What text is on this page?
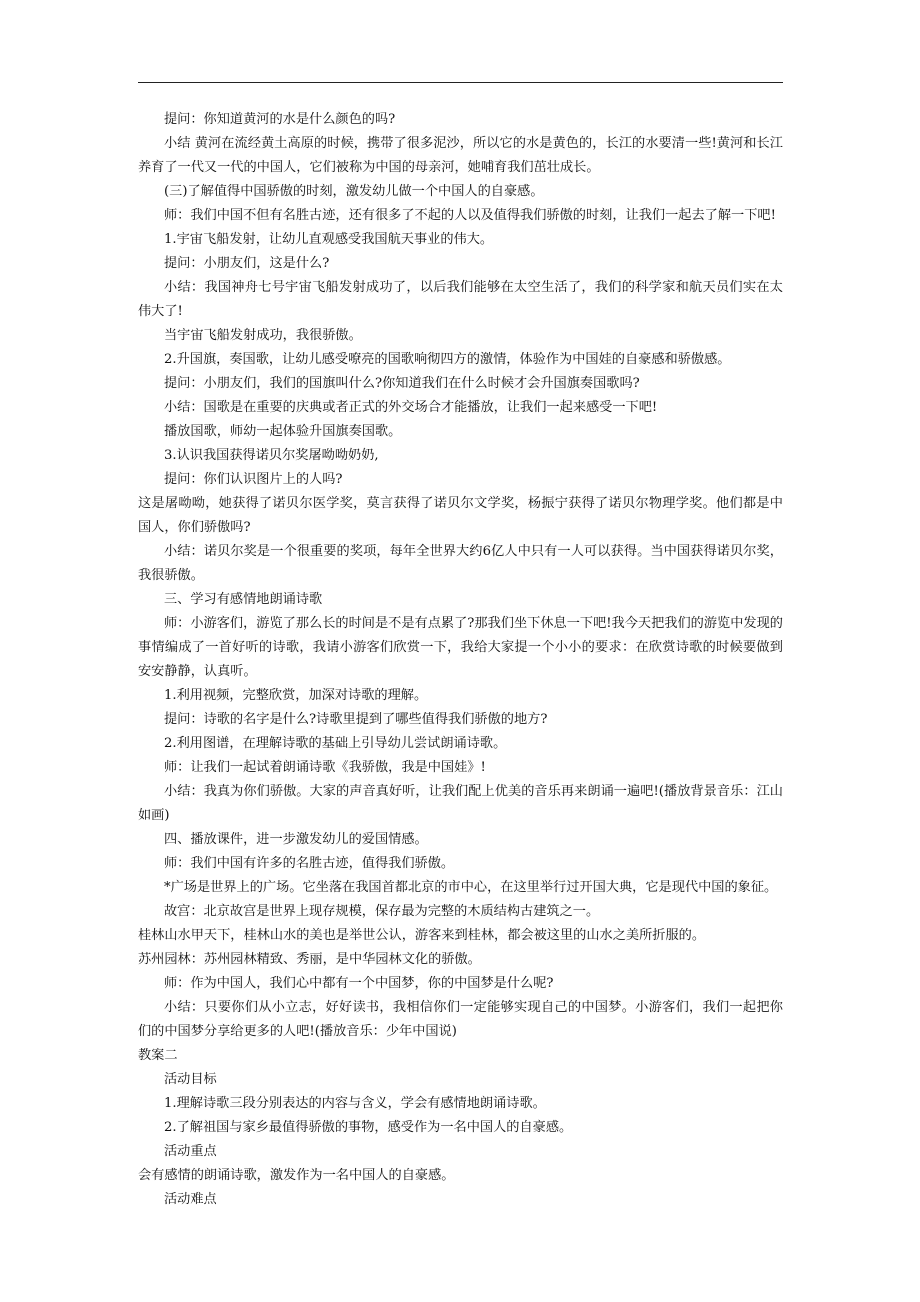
提问：你知道黄河的水是什么颜色的吗?

小结 黄河在流经黄土高原的时候，携带了很多泥沙，所以它的水是黄色的，长江的水要清一些!黄河和长江养育了一代又一代的中国人，它们被称为中国的母亲河，她哺育我们茁壮成长。

(三)了解值得中国骄傲的时刻，激发幼儿做一个中国人的自豪感。

师：我们中国不但有名胜古迹，还有很多了不起的人以及值得我们骄傲的时刻，让我们一起去了解一下吧!

1.宇宙飞船发射，让幼儿直观感受我国航天事业的伟大。

提问：小朋友们，这是什么?

小结：我国神舟七号宇宙飞船发射成功了，以后我们能够在太空生活了，我们的科学家和航天员们实在太伟大了!

当宇宙飞船发射成功，我很骄傲。

2.升国旗，奏国歌，让幼儿感受嘹亮的国歌响彻四方的激情，体验作为中国娃的自豪感和骄傲感。

提问：小朋友们，我们的国旗叫什么?你知道我们在什么时候才会升国旗奏国歌吗?

小结：国歌是在重要的庆典或者正式的外交场合才能播放，让我们一起来感受一下吧!

播放国歌，师幼一起体验升国旗奏国歌。

3.认识我国获得诺贝尔奖屠呦呦奶奶,

提问：你们认识图片上的人吗?

这是屠呦呦，她获得了诺贝尔医学奖，莫言获得了诺贝尔文学奖，杨振宁获得了诺贝尔物理学奖。他们都是中国人，你们骄傲吗?

小结：诺贝尔奖是一个很重要的奖项，每年全世界大约6亿人中只有一人可以获得。当中国获得诺贝尔奖，我很骄傲。

三、学习有感情地朗诵诗歌

师：小游客们，游览了那么长的时间是不是有点累了?那我们坐下休息一下吧!我今天把我们的游览中发现的事情编成了一首好听的诗歌，我请小游客们欣赏一下，我给大家提一个小小的要求：在欣赏诗歌的时候要做到安安静静，认真听。

1.利用视频，完整欣赏，加深对诗歌的理解。

提问：诗歌的名字是什么?诗歌里提到了哪些值得我们骄傲的地方?

2.利用图谱，在理解诗歌的基础上引导幼儿尝试朗诵诗歌。

师：让我们一起试着朗诵诗歌《我骄傲，我是中国娃》!

小结：我真为你们骄傲。大家的声音真好听，让我们配上优美的音乐再来朗诵一遍吧!(播放背景音乐：江山如画)

四、播放课件，进一步激发幼儿的爱国情感。

师：我们中国有许多的名胜古迹，值得我们骄傲。

*广场是世界上的广场。它坐落在我国首都北京的市中心，在这里举行过开国大典，它是现代中国的象征。

故宫：北京故宫是世界上现存规模，保存最为完整的木质结构古建筑之一。

桂林山水甲天下，桂林山水的美也是举世公认，游客来到桂林，都会被这里的山水之美所折服的。

苏州园林：苏州园林精致、秀丽，是中华园林文化的骄傲。

师：作为中国人，我们心中都有一个中国梦，你的中国梦是什么呢?

小结：只要你们从小立志，好好读书，我相信你们一定能够实现自己的中国梦。小游客们，我们一起把你们的中国梦分享给更多的人吧!(播放音乐：少年中国说)

教案二

活动目标

1.理解诗歌三段分别表达的内容与含义，学会有感情地朗诵诗歌。

2.了解祖国与家乡最值得骄傲的事物，感受作为一名中国人的自豪感。

活动重点

会有感情的朗诵诗歌，激发作为一名中国人的自豪感。

活动难点
